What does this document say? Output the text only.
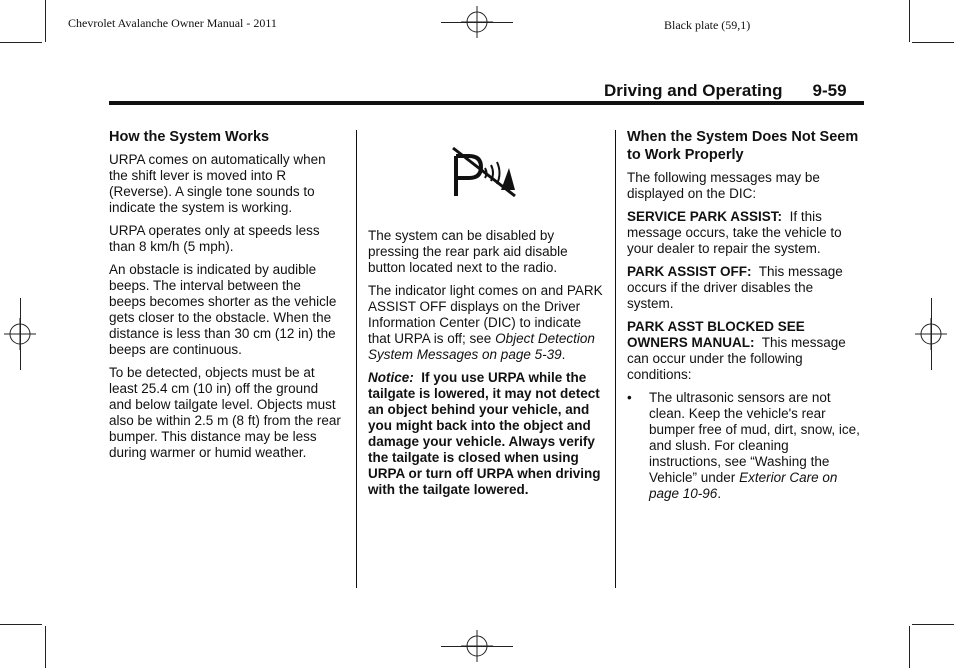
Chevrolet Avalanche Owner Manual - 2011	Black plate (59,1)
Driving and Operating 9-59
How the System Works

URPA comes on automatically when the shift lever is moved into R (Reverse). A single tone sounds to indicate the system is working.

URPA operates only at speeds less than 8 km/h (5 mph).

An obstacle is indicated by audible beeps. The interval between the beeps becomes shorter as the vehicle gets closer to the obstacle. When the distance is less than 30 cm (12 in) the beeps are continuous.

To be detected, objects must be at least 25.4 cm (10 in) off the ground and below tailgate level. Objects must also be within 2.5 m (8 ft) from the rear bumper. This distance may be less during warmer or humid weather.

The system can be disabled by pressing the rear park aid disable button located next to the radio.

The indicator light comes on and PARK ASSIST OFF displays on the Driver Information Center (DIC) to indicate that URPA is off; see Object Detection System Messages on page 5-39.

Notice: If you use URPA while the tailgate is lowered, it may not detect an object behind your vehicle, and you might back into the object and damage your vehicle. Always verify the tailgate is closed when using URPA or turn off URPA when driving with the tailgate lowered.

When the System Does Not Seem to Work Properly

The following messages may be displayed on the DIC:

SERVICE PARK ASSIST: If this message occurs, take the vehicle to your dealer to repair the system.

PARK ASSIST OFF: This message occurs if the driver disables the system.

PARK ASST BLOCKED SEE OWNERS MANUAL: This message can occur under the following conditions:

• The ultrasonic sensors are not clean. Keep the vehicle's rear bumper free of mud, dirt, snow, ice, and slush. For cleaning instructions, see “Washing the Vehicle” under Exterior Care on page 10-96.
